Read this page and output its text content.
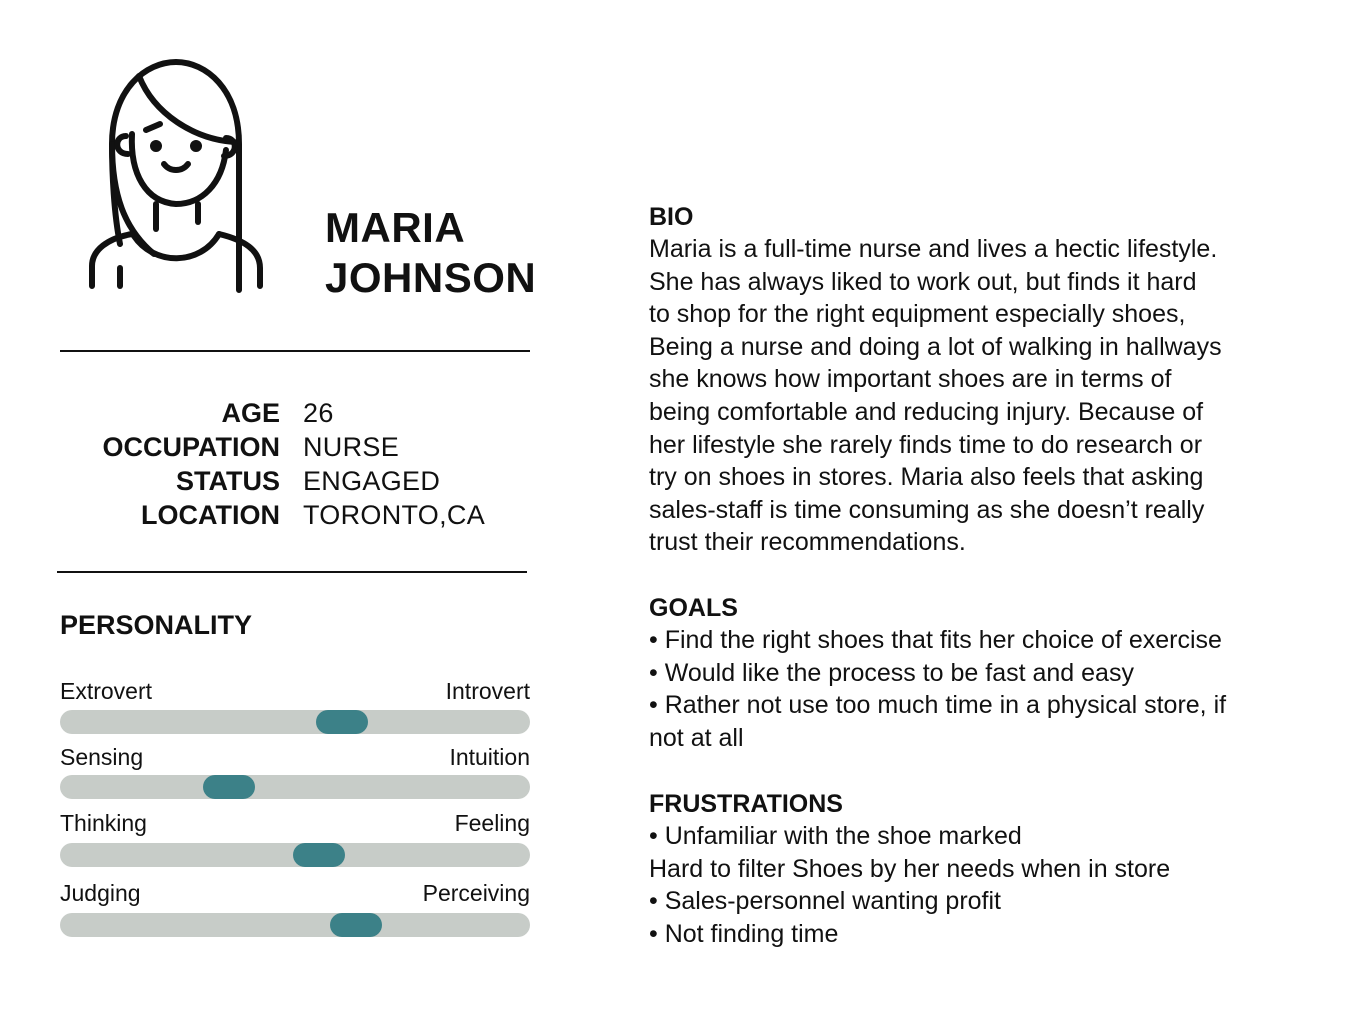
MARIA
JOHNSON
AGE 26
OCCUPATION NURSE
STATUS ENGAGED
LOCATION TORONTO,CA
PERSONALITY
Extrovert	Introvert
Sensing	Intuition
Thinking	Feeling
Judging	Perceiving
BIO

Maria is a full-time nurse and lives a hectic lifestyle.
She has always liked to work out, but finds it hard
to shop for the right equipment especially shoes,
Being a nurse and doing a lot of walking in hallways
she knows how important shoes are in terms of
being comfortable and reducing injury. Because of
her lifestyle she rarely finds time to do research or
try on shoes in stores. Maria also feels that asking
sales-staff is time consuming as she doesn’t really
trust their recommendations.

GOALS
• Find the right shoes that fits her choice of exercise
• Would like the process to be fast and easy
• Rather not use too much time in a physical store, if
not at all
FRUSTRATIONS
• Unfamiliar with the shoe marked
Hard to filter Shoes by her needs when in store
• Sales-personnel wanting profit
• Not finding time
